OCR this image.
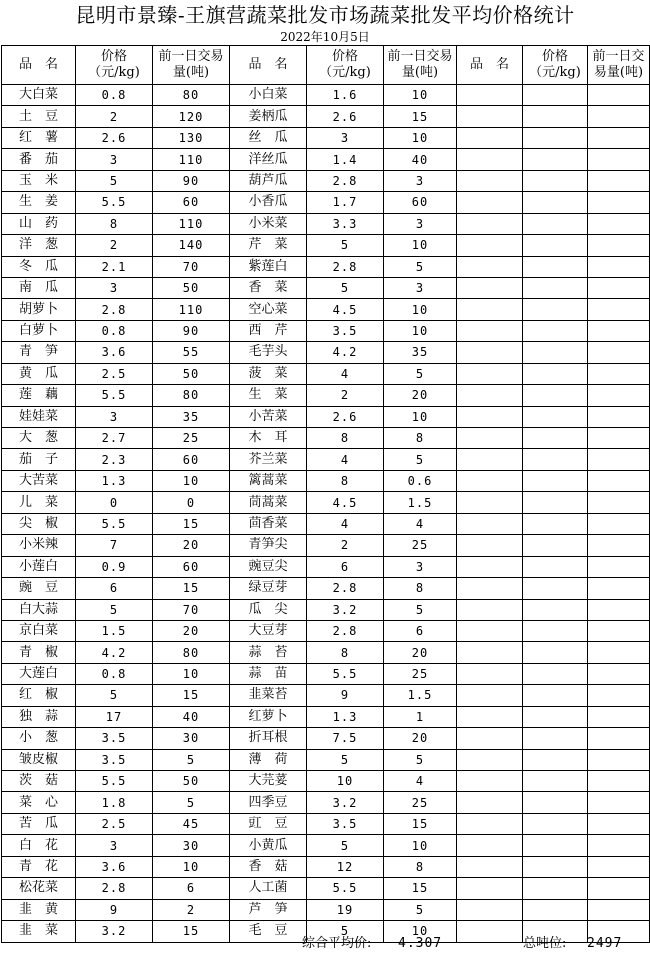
昆明市景臻-王旗营蔬菜批发市场蔬菜批发平均价格统计
2022年10月5日
品　名	价格（元/kg)	前一日交易量(吨)	品　名	价格（元/kg)	前一日交易量(吨)	品　名	价格（元/kg)	前一日交易量(吨)
大白菜	0.8	80	小白菜	1.6	10			
土　豆	2	120	姜柄瓜	2.6	15			
红　薯	2.6	130	丝　瓜	3	10			
番　茄	3	110	洋丝瓜	1.4	40			
玉　米	5	90	葫芦瓜	2.8	3			
生　姜	5.5	60	小香瓜	1.7	60			
山　药	8	110	小米菜	3.3	3			
洋　葱	2	140	芹　菜	5	10			
冬　瓜	2.1	70	紫莲白	2.8	5			
南　瓜	3	50	香　菜	5	3			
胡萝卜	2.8	110	空心菜	4.5	10			
白萝卜	0.8	90	西　芹	3.5	10			
青　笋	3.6	55	毛芋头	4.2	35			
黄　瓜	2.5	50	菠　菜	4	5			
莲　藕	5.5	80	生　菜	2	20			
娃娃菜	3	35	小苦菜	2.6	10			
大　葱	2.7	25	木　耳	8	8			
茄　子	2.3	60	芥兰菜	4	5			
大苦菜	1.3	10	篱蒿菜	8	0.6			
儿　菜	0	0	茼蒿菜	4.5	1.5			
尖　椒	5.5	15	茴香菜	4	4			
小米辣	7	20	青笋尖	2	25			
小莲白	0.9	60	豌豆尖	6	3			
豌　豆	6	15	绿豆芽	2.8	8			
白大蒜	5	70	瓜　尖	3.2	5			
京白菜	1.5	20	大豆芽	2.8	6			
青　椒	4.2	80	蒜　苔	8	20			
大莲白	0.8	10	蒜　苗	5.5	25			
红　椒	5	15	韭菜苔	9	1.5			
独　蒜	17	40	红萝卜	1.3	1			
小　葱	3.5	30	折耳根	7.5	20			
皱皮椒	3.5	5	薄　荷	5	5			
茨　菇	5.5	50	大芫荽	10	4			
菜　心	1.8	5	四季豆	3.2	25			
苦　瓜	2.5	45	豇　豆	3.5	15			
白　花	3	30	小黄瓜	5	10			
青　花	3.6	10	香　菇	12	8			
松花菜	2.8	6	人工菌	5.5	15			
韭　黄	9	2	芦　笋	19	5			
韭　菜	3.2	15	毛　豆	5	10			
综合平均价: 4.307	总吨位: 2497
